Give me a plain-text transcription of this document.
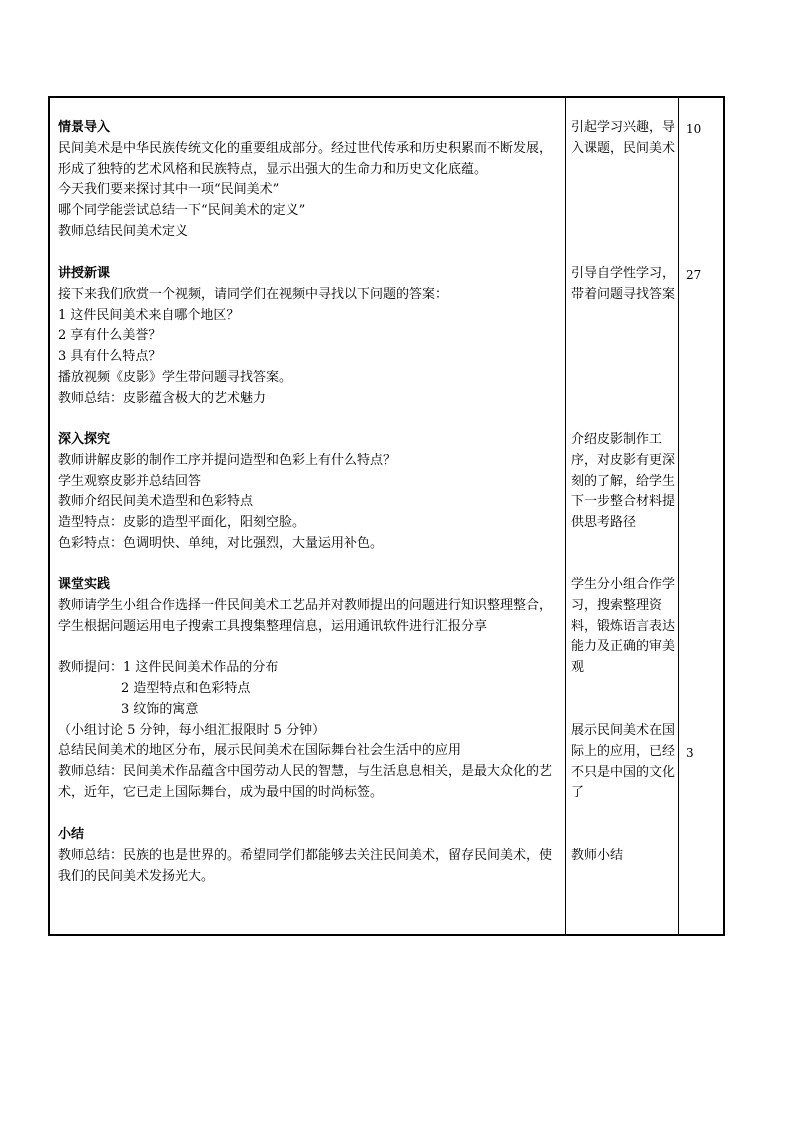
情景导入

民间美术是中华民族传统文化的重要组成部分。经过世代传承和历史积累而不断发展，形成了独特的艺术风格和民族特点，显示出强大的生命力和历史文化底蕴。

今天我们要来探讨其中一项“民间美术”

哪个同学能尝试总结一下“民间美术的定义”

教师总结民间美术定义

引起学习兴趣，导入课题，民间美术
10

讲授新课

接下来我们欣赏一个视频，请同学们在视频中寻找以下问题的答案：

1 这件民间美术来自哪个地区？

2 享有什么美誉？

3 具有什么特点？

播放视频《皮影》学生带问题寻找答案。

教师总结：皮影蕴含极大的艺术魅力

引导自学性学习，带着问题寻找答案
27

深入探究

教师讲解皮影的制作工序并提问造型和色彩上有什么特点？

学生观察皮影并总结回答

教师介绍民间美术造型和色彩特点

造型特点：皮影的造型平面化，阳刻空脸。

色彩特点：色调明快、单纯，对比强烈，大量运用补色。

介绍皮影制作工序，对皮影有更深刻的了解，给学生下一步整合材料提供思考路径

课堂实践

教师请学生小组合作选择一件民间美术工艺品并对教师提出的问题进行知识整理整合，学生根据问题运用电子搜索工具搜集整理信息，运用通讯软件进行汇报分享

教师提问：1 这件民间美术作品的分布

2 造型特点和色彩特点

3 纹饰的寓意

（小组讨论 5 分钟，每小组汇报限时 5 分钟）

总结民间美术的地区分布，展示民间美术在国际舞台社会生活中的应用

教师总结：民间美术作品蕴含中国劳动人民的智慧，与生活息息相关，是最大众化的艺术，近年，它已走上国际舞台，成为最中国的时尚标签。

学生分小组合作学习，搜索整理资料，锻炼语言表达能力及正确的审美观
展示民间美术在国际上的应用，已经不只是中国的文化了
3

小结

教师总结：民族的也是世界的。希望同学们都能够去关注民间美术，留存民间美术，使我们的民间美术发扬光大。

教师小结
